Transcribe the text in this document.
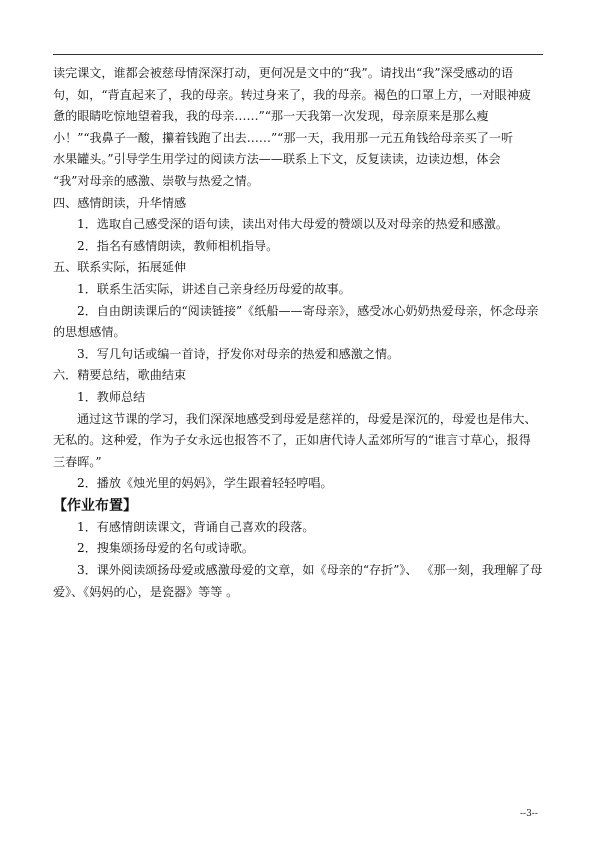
读完课文，谁都会被慈母情深深打动，更何况是文中的“我”。请找出“我”深受感动的语

句，如，“背直起来了，我的母亲。转过身来了，我的母亲。褐色的口罩上方，一对眼神疲

惫的眼睛吃惊地望着我，我的母亲……”“那一天我第一次发现，母亲原来是那么瘦

小！”“我鼻子一酸，攥着钱跑了出去……”“那一天，我用那一元五角钱给母亲买了一听

水果罐头。”引导学生用学过的阅读方法——联系上下文，反复读读，边读边想，体会

“我”对母亲的感激、崇敬与热爱之情。

四、感情朗读，升华情感

1．选取自己感受深的语句读，读出对伟大母爱的赞颂以及对母亲的热爱和感激。

2．指名有感情朗读，教师相机指导。

五、联系实际，拓展延伸

1．联系生活实际，讲述自己亲身经历母爱的故事。

2．自由朗读课后的“阅读链接”《纸船——寄母亲》，感受冰心奶奶热爱母亲，怀念母亲

的思想感情。

3．写几句话或编一首诗，抒发你对母亲的热爱和感激之情。

六．精要总结，歌曲结束

1．教师总结

通过这节课的学习，我们深深地感受到母爱是慈祥的，母爱是深沉的，母爱也是伟大、

无私的。这种爱，作为子女永远也报答不了，正如唐代诗人孟郊所写的“谁言寸草心，报得

三春晖。”

2．播放《烛光里的妈妈》，学生跟着轻轻哼唱。

【作业布置】

1．有感情朗读课文，背诵自己喜欢的段落。

2．搜集颂扬母爱的名句或诗歌。

3．课外阅读颂扬母爱或感激母爱的文章，如《母亲的“存折”》、 《那一刻，我理解了母

爱》、《妈妈的心，是瓷器》等等 。

--3--
